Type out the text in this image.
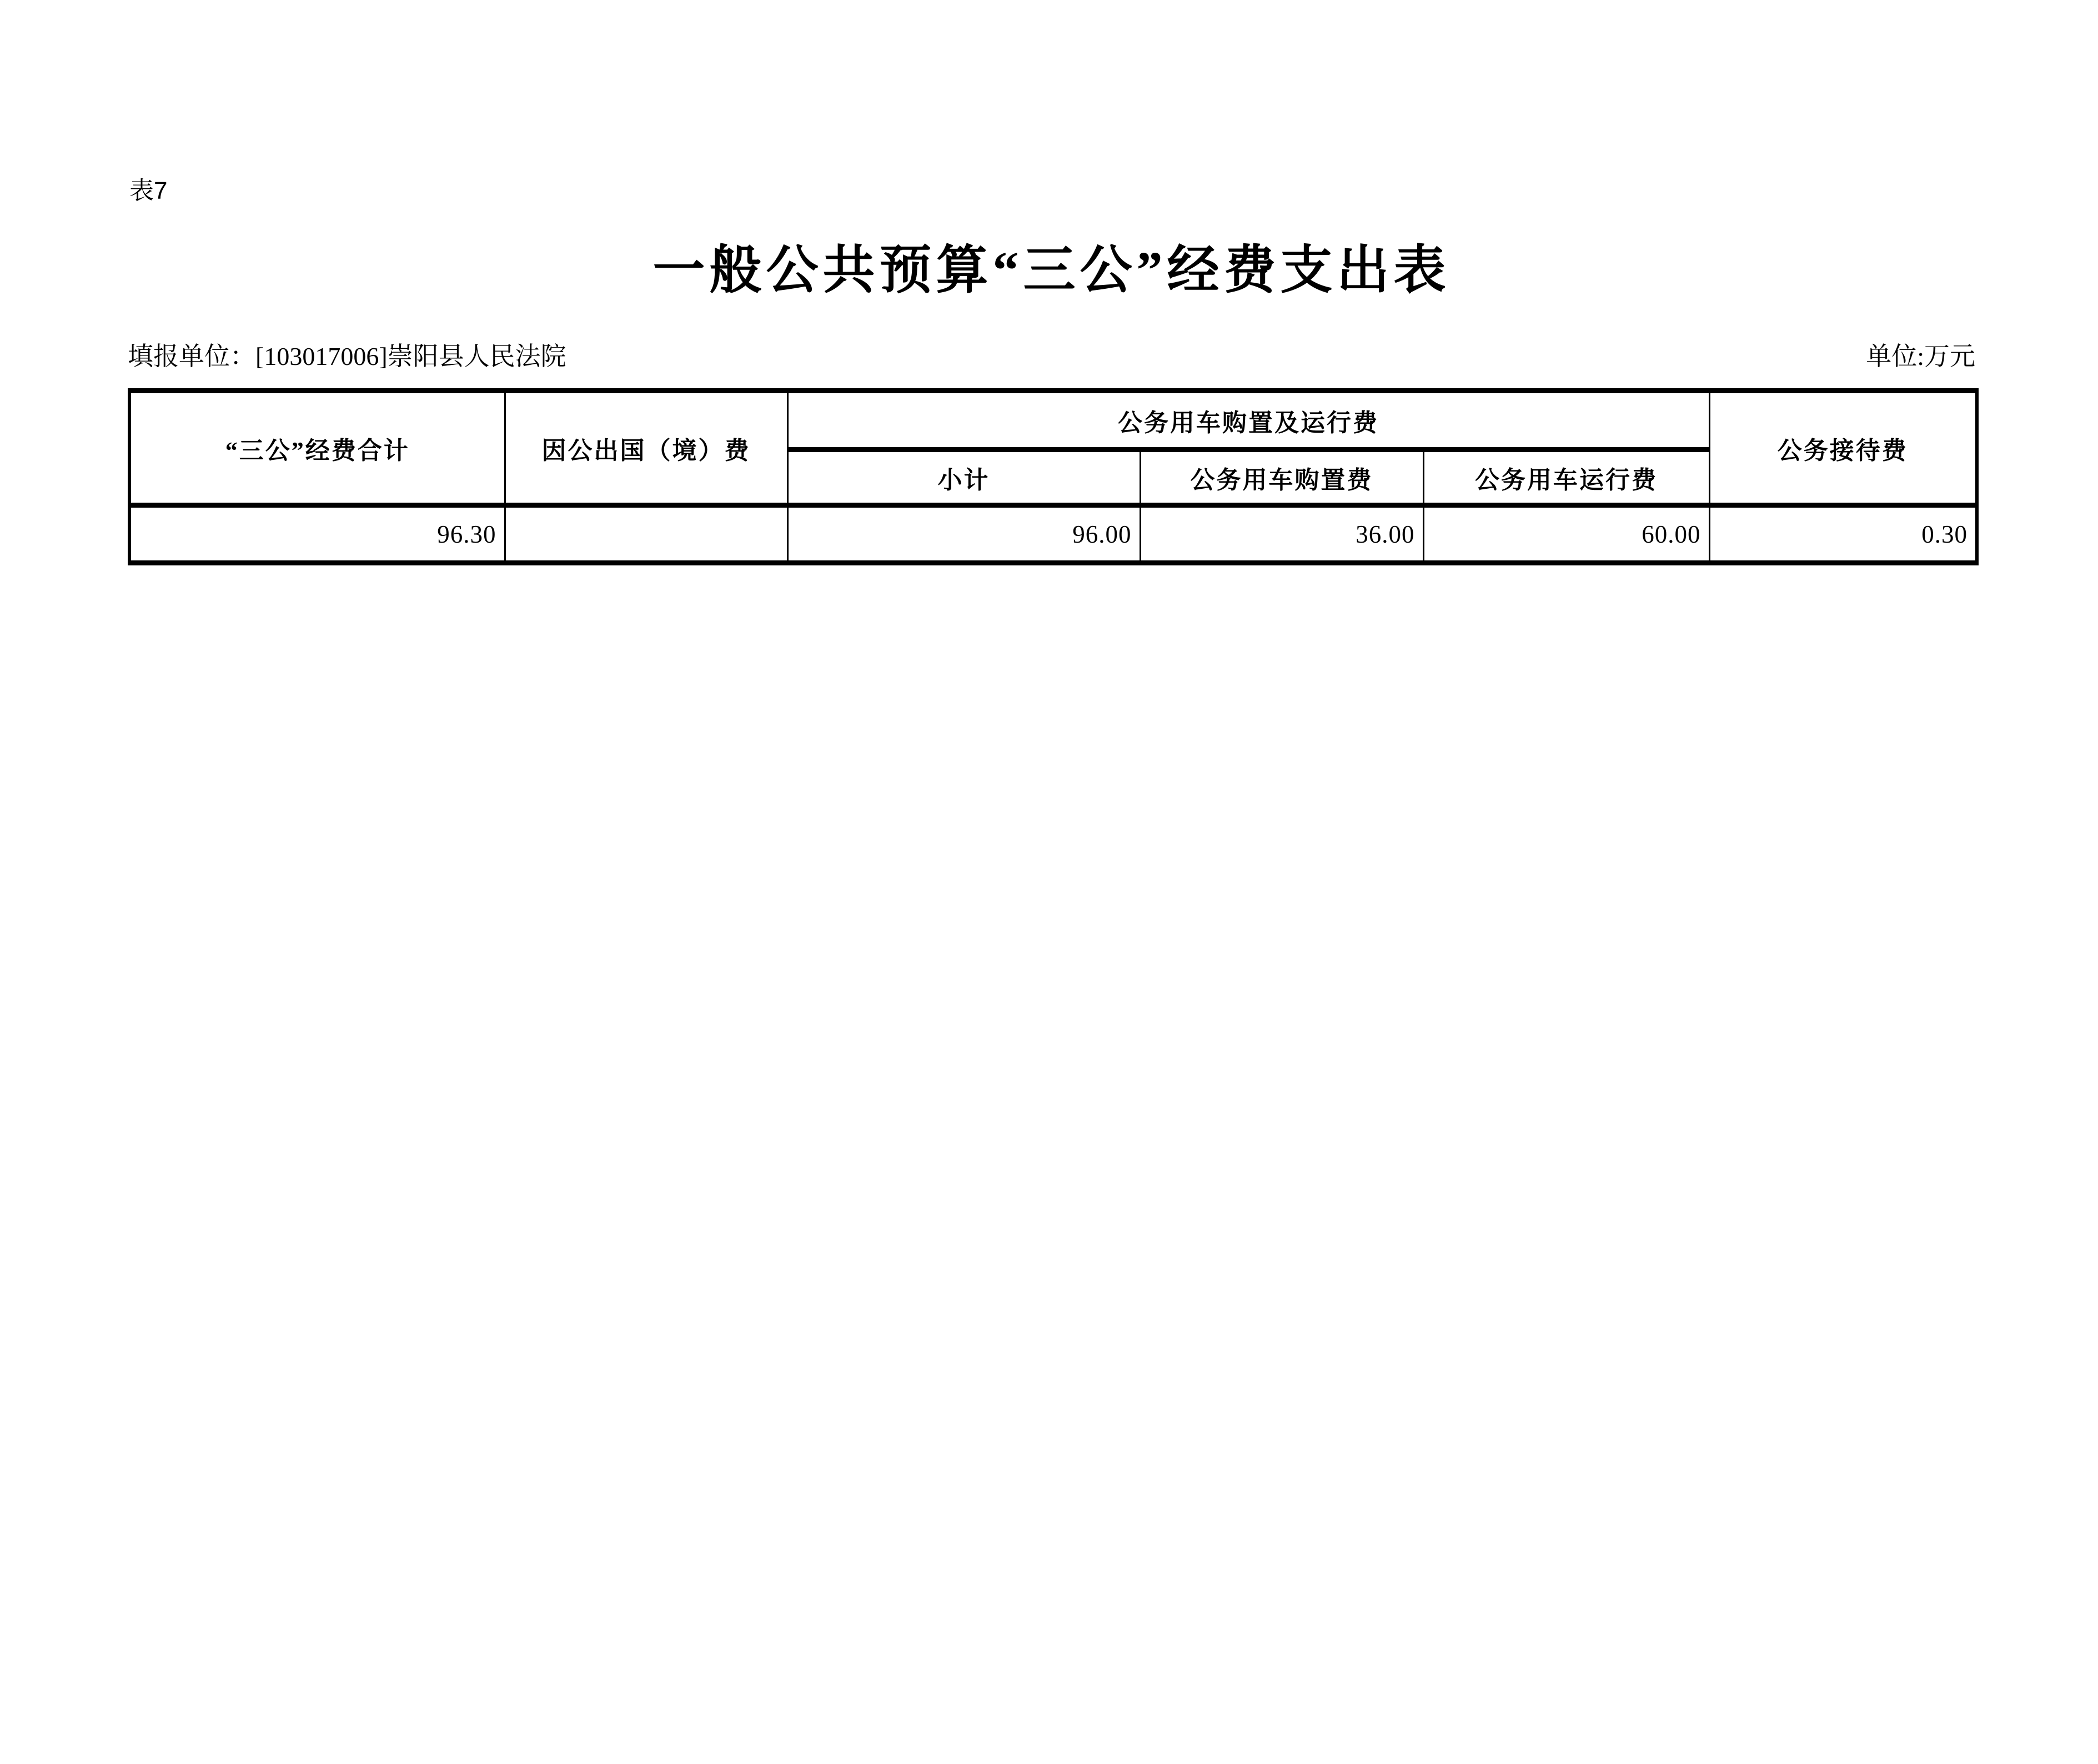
表7
一般公共预算“三公”经费支出表
填报单位：[103017006]崇阳县人民法院	单位:万元
“三公”经费合计	因公出国（境）费	公务用车购置及运行费			公务接待费
		小计	公务用车购置费	公务用车运行费	
96.30		96.00	36.00	60.00	0.30
